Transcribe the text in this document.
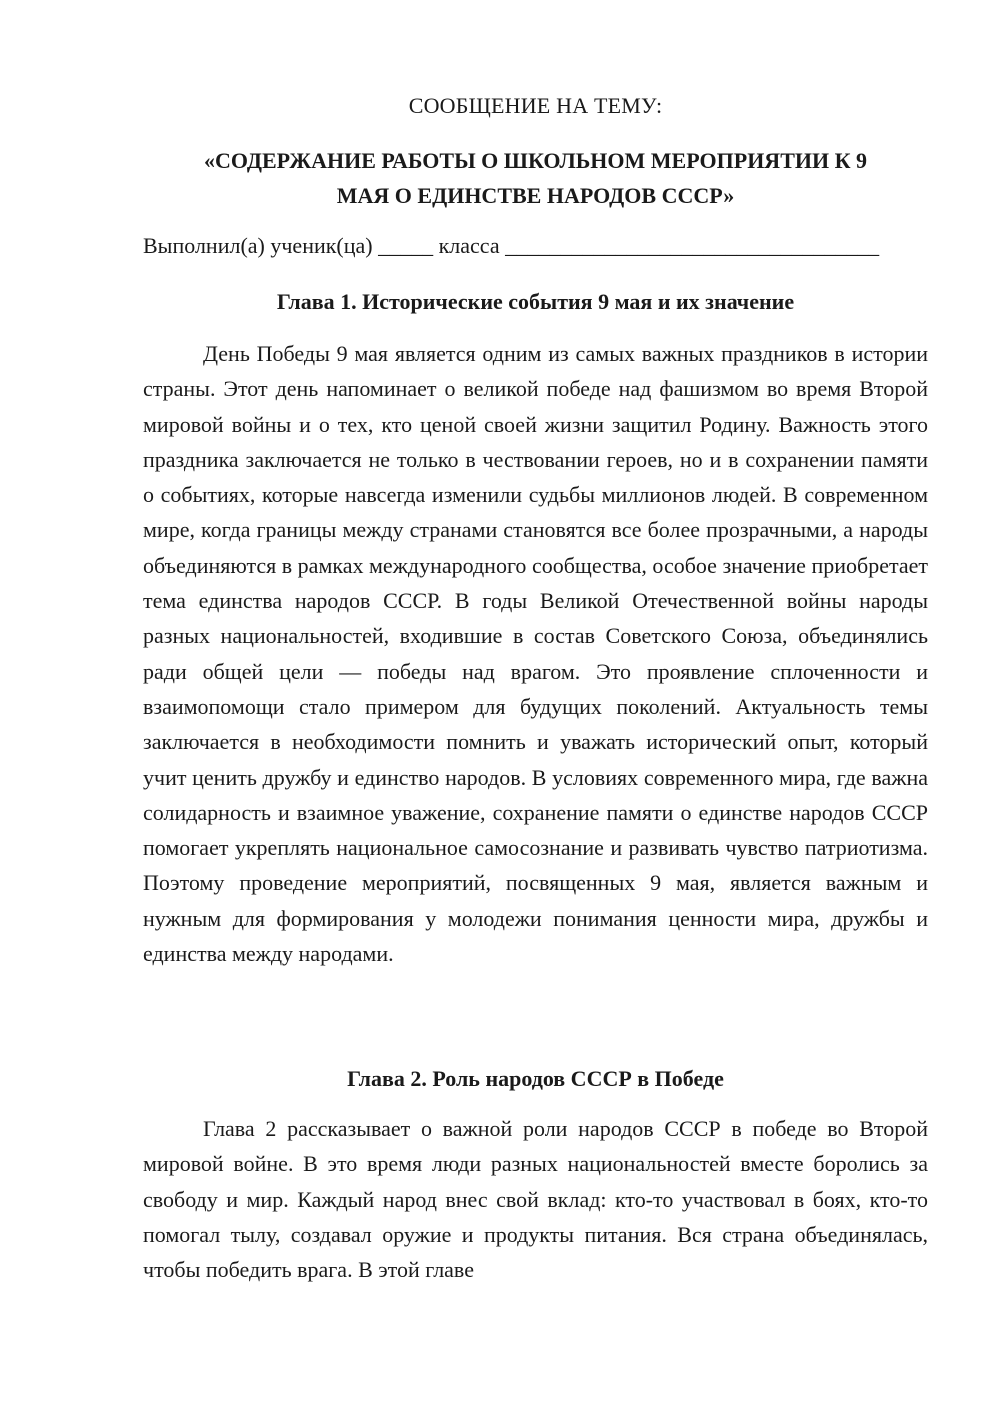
СООБЩЕНИЕ НА ТЕМУ:
«СОДЕРЖАНИЕ РАБОТЫ О ШКОЛЬНОМ МЕРОПРИЯТИИ К 9
МАЯ О ЕДИНСТВЕ НАРОДОВ СССР»
Выполнил(а) ученик(ца) _____ класса __________________________________
Глава 1. Исторические события 9 мая и их значение

День Победы 9 мая является одним из самых важных праздников в истории страны. Этот день напоминает о великой победе над фашизмом во время Второй мировой войны и о тех, кто ценой своей жизни защитил Родину. Важность этого праздника заключается не только в чествовании героев, но и в сохранении памяти о событиях, которые навсегда изменили судьбы миллионов людей. В современном мире, когда границы между странами становятся все более прозрачными, а народы объединяются в рамках международного сообщества, особое значение приобретает тема единства народов СССР. В годы Великой Отечественной войны народы разных национальностей, входившие в состав Советского Союза, объединялись ради общей цели — победы над врагом. Это проявление сплоченности и взаимопомощи стало примером для будущих поколений. Актуальность темы заключается в необходимости помнить и уважать исторический опыт, который учит ценить дружбу и единство народов. В условиях современного мира, где важна солидарность и взаимное уважение, сохранение памяти о единстве народов СССР помогает укреплять национальное самосознание и развивать чувство патриотизма. Поэтому проведение мероприятий, посвященных 9 мая, является важным и нужным для формирования у молодежи понимания ценности мира, дружбы и единства между народами.

Глава 2. Роль народов СССР в Победе

Глава 2 рассказывает о важной роли народов СССР в победе во Второй мировой войне. В это время люди разных национальностей вместе боролись за свободу и мир. Каждый народ внес свой вклад: кто-то участвовал в боях, кто-то помогал тылу, создавал оружие и продукты питания. Вся страна объединялась, чтобы победить врага. В этой главе
